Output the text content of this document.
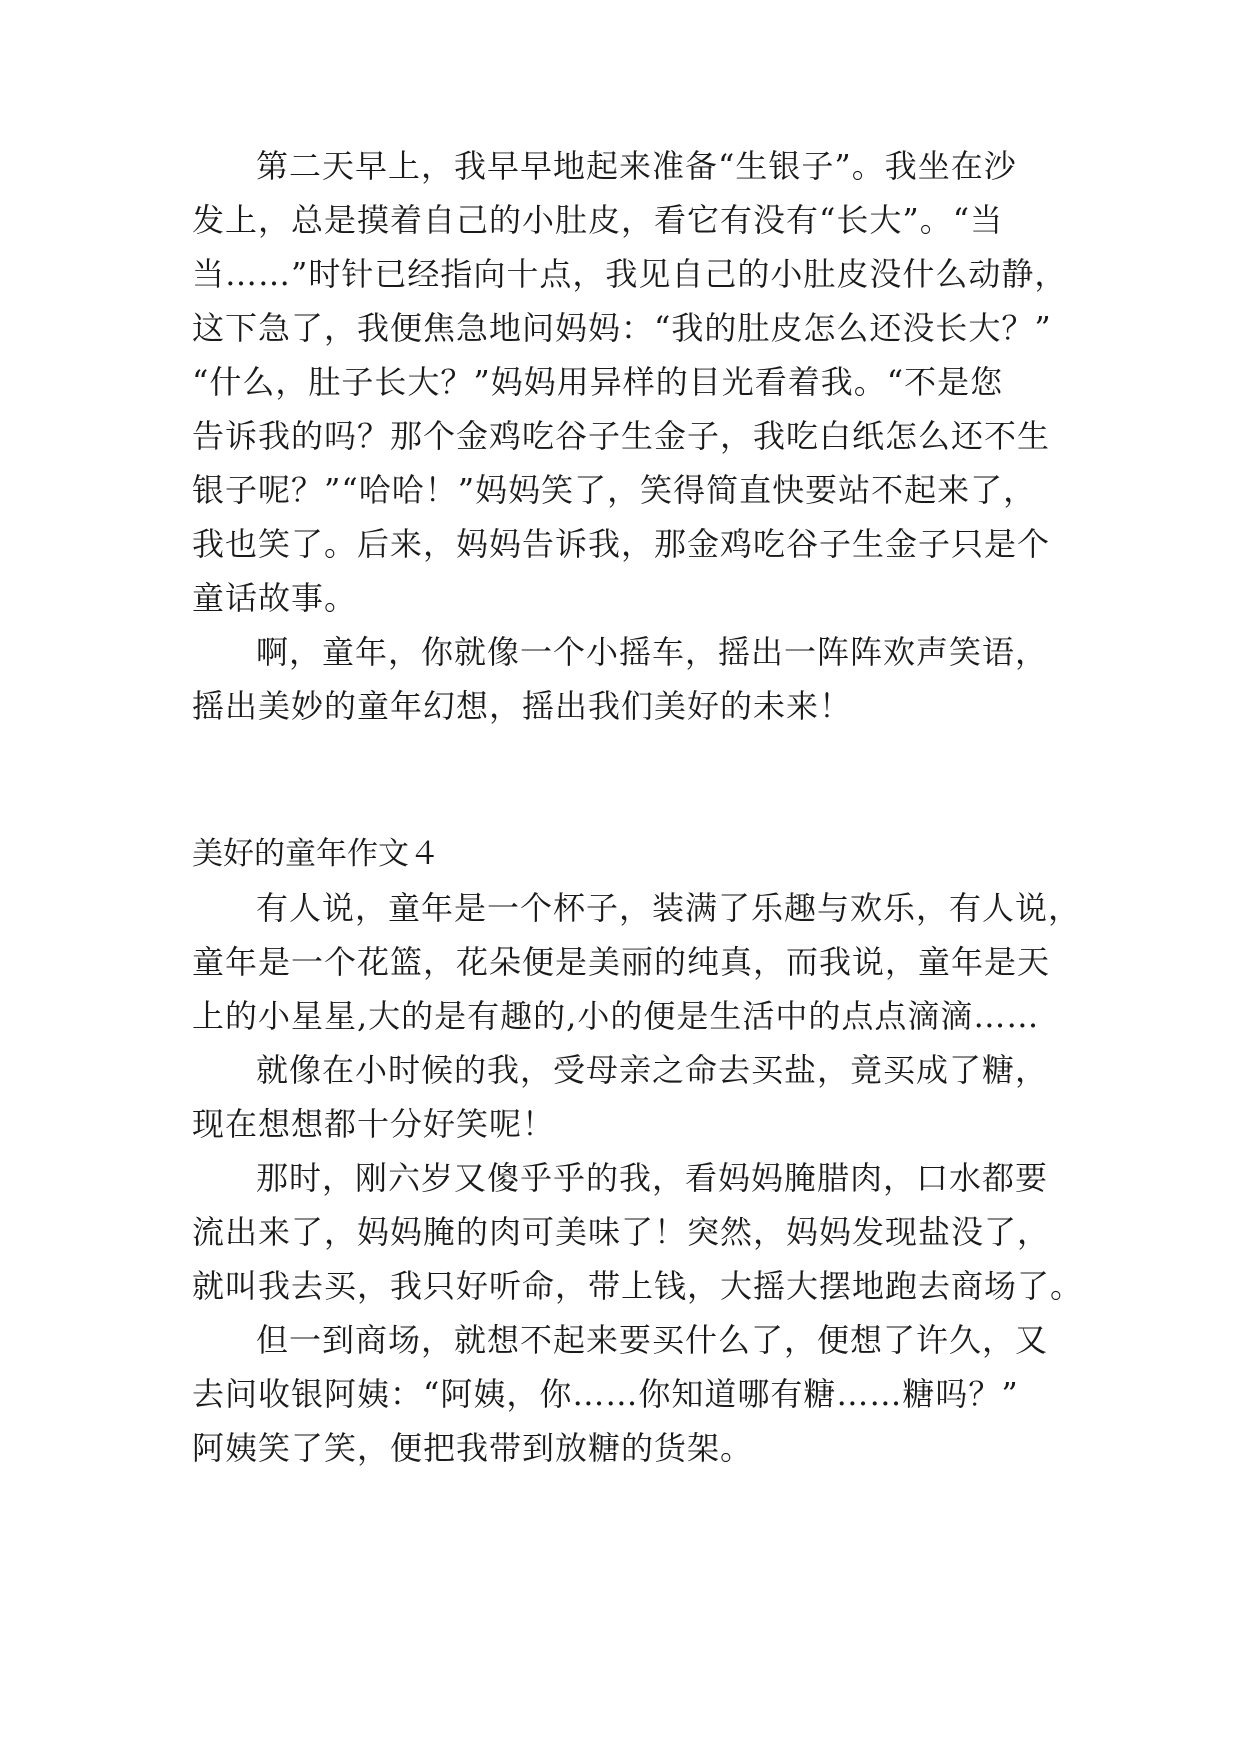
第二天早上，我早早地起来准备“生银子”。我坐在沙
发上，总是摸着自己的小肚皮，看它有没有“长大”。“当
当……”时针已经指向十点，我见自己的小肚皮没什么动静，
这下急了，我便焦急地问妈妈：“我的肚皮怎么还没长大？”
“什么，肚子长大？”妈妈用异样的目光看着我。“不是您
告诉我的吗？那个金鸡吃谷子生金子，我吃白纸怎么还不生
银子呢？”“哈哈！”妈妈笑了，笑得简直快要站不起来了，
我也笑了。后来，妈妈告诉我，那金鸡吃谷子生金子只是个
童话故事。
啊，童年，你就像一个小摇车，摇出一阵阵欢声笑语，
摇出美妙的童年幻想，摇出我们美好的未来！
美好的童年作文４
有人说，童年是一个杯子，装满了乐趣与欢乐，有人说，
童年是一个花篮，花朵便是美丽的纯真，而我说，童年是天
上的小星星,大的是有趣的,小的便是生活中的点点滴滴……
就像在小时候的我，受母亲之命去买盐，竟买成了糖，
现在想想都十分好笑呢！
那时，刚六岁又傻乎乎的我，看妈妈腌腊肉，口水都要
流出来了，妈妈腌的肉可美味了！突然，妈妈发现盐没了，
就叫我去买，我只好听命，带上钱，大摇大摆地跑去商场了。
但一到商场，就想不起来要买什么了，便想了许久，又
去问收银阿姨：“阿姨，你……你知道哪有糖……糖吗？”
阿姨笑了笑，便把我带到放糖的货架。
